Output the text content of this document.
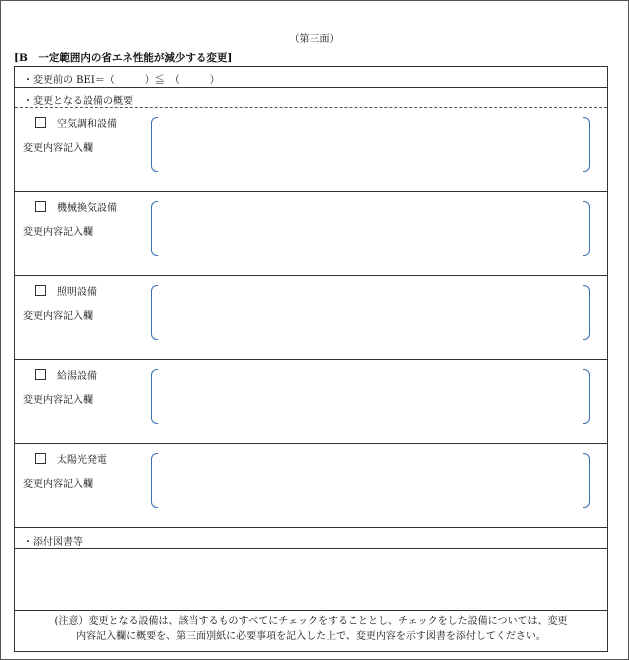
（第三面）
[B　一定範囲内の省エネ性能が減少する変更]
・変更前の BEI＝（　　　）≦　（　　　）
・変更となる設備の概要
空気調和設備
変更内容記入欄
機械換気設備
変更内容記入欄
照明設備
変更内容記入欄
給湯設備
変更内容記入欄
太陽光発電
変更内容記入欄
・添付図書等
(注意）変更となる設備は、該当するものすべてにチェックをすることとし、チェックをした設備については、変更
内容記入欄に概要を、第三面別紙に必要事項を記入した上で、変更内容を示す図書を添付してください。
